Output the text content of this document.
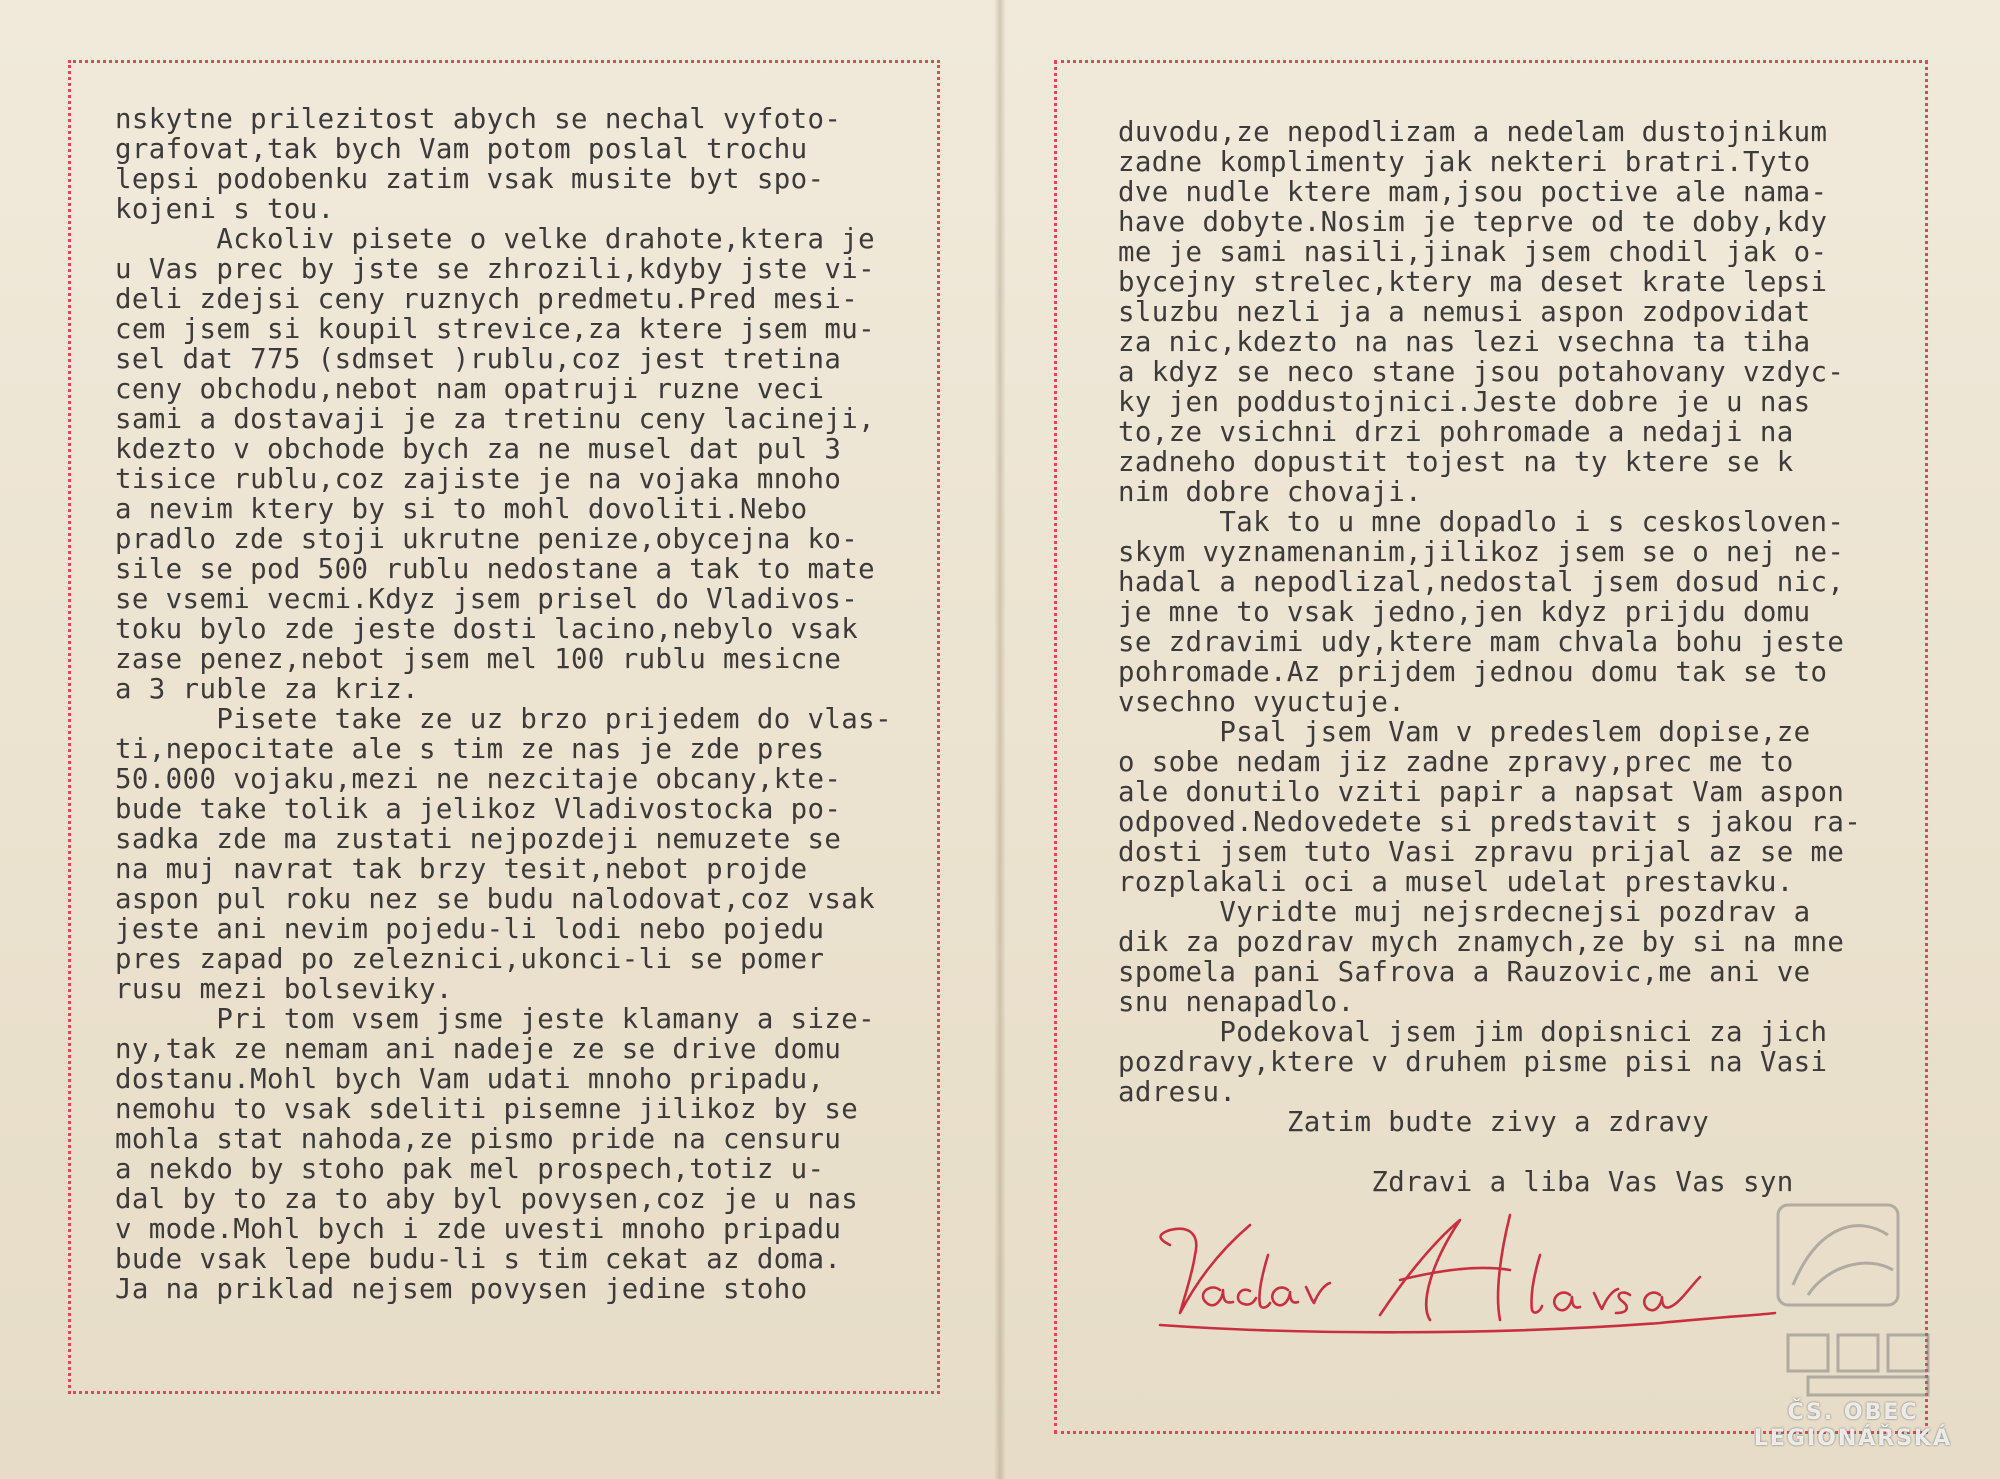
nskytne prilezitost abych se nechal vyfoto-
grafovat,tak bych Vam potom poslal trochu
lepsi podobenku zatim vsak musite byt spo-
kojeni s tou.
Ackoliv pisete o velke drahote,ktera je
u Vas prec by jste se zhrozili,kdyby jste vi-
deli zdejsi ceny ruznych predmetu.Pred mesi-
cem jsem si koupil strevice,za ktere jsem mu-
sel dat 775 (sdmset )rublu,coz jest tretina
ceny obchodu,nebot nam opatruji ruzne veci
sami a dostavaji je za tretinu ceny lacineji,
kdezto v obchode bych za ne musel dat pul 3
tisice rublu,coz zajiste je na vojaka mnoho
a nevim ktery by si to mohl dovoliti.Nebo
pradlo zde stoji ukrutne penize,obycejna ko-
sile se pod 500 rublu nedostane a tak to mate
se vsemi vecmi.Kdyz jsem prisel do Vladivos-
toku bylo zde jeste dosti lacino,nebylo vsak
zase penez,nebot jsem mel 100 rublu mesicne
a 3 ruble za kriz.
Pisete take ze uz brzo prijedem do vlas-
ti,nepocitate ale s tim ze nas je zde pres
50.000 vojaku,mezi ne nezcitaje obcany,kte-
bude take tolik a jelikoz Vladivostocka po-
sadka zde ma zustati nejpozdeji nemuzete se
na muj navrat tak brzy tesit,nebot projde
aspon pul roku nez se budu nalodovat,coz vsak
jeste ani nevim pojedu-li lodi nebo pojedu
pres zapad po zeleznici,ukonci-li se pomer
rusu mezi bolseviky.
Pri tom vsem jsme jeste klamany a size-
ny,tak ze nemam ani nadeje ze se drive domu
dostanu.Mohl bych Vam udati mnoho pripadu,
nemohu to vsak sdeliti pisemne jilikoz by se
mohla stat nahoda,ze pismo pride na censuru
a nekdo by stoho pak mel prospech,totiz u-
dal by to za to aby byl povysen,coz je u nas
v mode.Mohl bych i zde uvesti mnoho pripadu
bude vsak lepe budu-li s tim cekat az doma.
Ja na priklad nejsem povysen jedine stoho
duvodu,ze nepodlizam a nedelam dustojnikum
zadne komplimenty jak nekteri bratri.Tyto
dve nudle ktere mam,jsou poctive ale nama-
have dobyte.Nosim je teprve od te doby,kdy
me je sami nasili,jinak jsem chodil jak o-
bycejny strelec,ktery ma deset krate lepsi
sluzbu nezli ja a nemusi aspon zodpovidat
za nic,kdezto na nas lezi vsechna ta tiha
a kdyz se neco stane jsou potahovany vzdyc-
ky jen poddustojnici.Jeste dobre je u nas
to,ze vsichni drzi pohromade a nedaji na
zadneho dopustit tojest na ty ktere se k
nim dobre chovaji.
Tak to u mne dopadlo i s ceskosloven-
skym vyznamenanim,jilikoz jsem se o nej ne-
hadal a nepodlizal,nedostal jsem dosud nic,
je mne to vsak jedno,jen kdyz prijdu domu
se zdravimi udy,ktere mam chvala bohu jeste
pohromade.Az prijdem jednou domu tak se to
vsechno vyuctuje.
Psal jsem Vam v predeslem dopise,ze
o sobe nedam jiz zadne zpravy,prec me to
ale donutilo vziti papir a napsat Vam aspon
odpoved.Nedovedete si predstavit s jakou ra-
dosti jsem tuto Vasi zpravu prijal az se me
rozplakali oci a musel udelat prestavku.
Vyridte muj nejsrdecnejsi pozdrav a
dik za pozdrav mych znamych,ze by si na mne
spomela pani Safrova a Rauzovic,me ani ve
snu nenapadlo.
Podekoval jsem jim dopisnici za jich
pozdravy,ktere v druhem pisme pisi na Vasi
adresu.
Zatim budte zivy a zdravy

Zdravi a liba Vas Vas syn
ČS. OBEC
LEGIONÁŘSKÁ
